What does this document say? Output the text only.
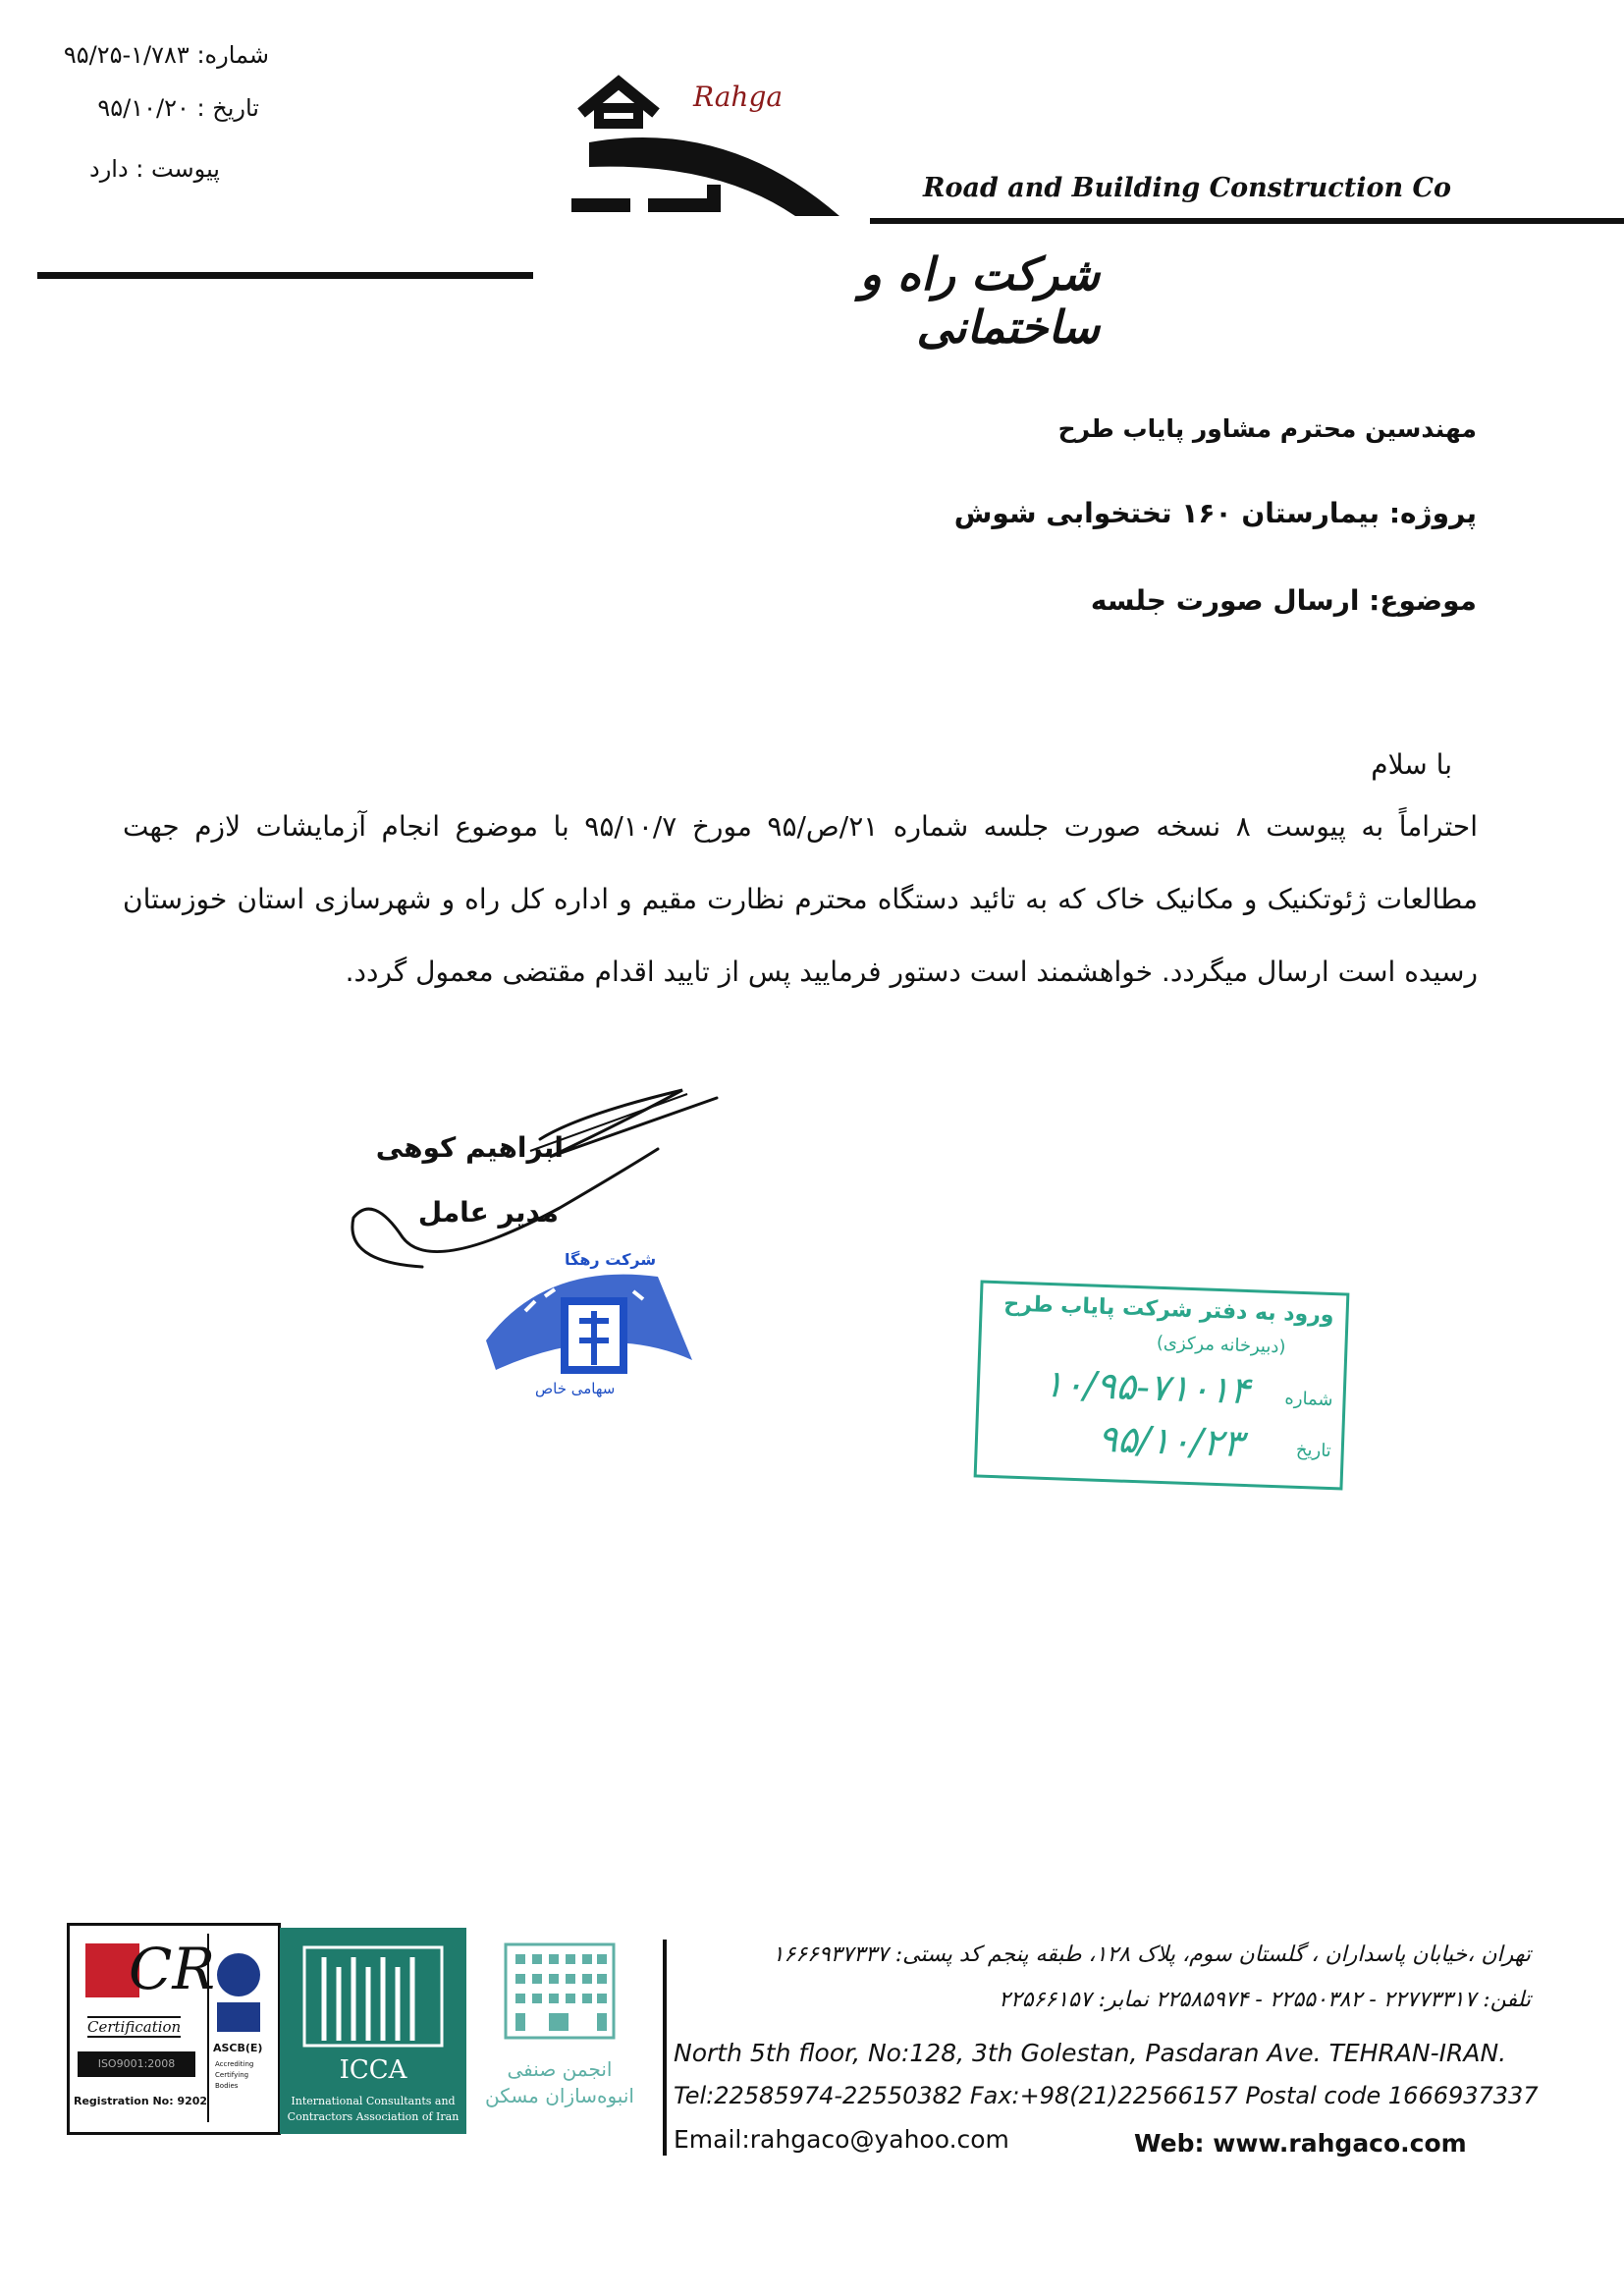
شماره: ۱/۷۸۳-۹۵/۲۵
تاریخ : ۹۵/۱۰/۲۰
پیوست : دارد
Rahga
Road and Building Construction Co
شرکت راه و ساختمانی
مهندسین محترم مشاور پایاب طرح
پروژه: بیمارستان ۱۶۰ تختخوابی شوش
موضوع: ارسال صورت جلسه
با سلام
احتراماً به پیوست ۸ نسخه صورت جلسه شماره ۲۱/ص/۹۵ مورخ ۹۵/۱۰/۷ با موضوع انجام آزمایشات لازم جهت مطالعات ژئوتکنیک و مکانیک خاک که به تائید دستگاه محترم نظارت مقیم و اداره کل راه و شهرسازی استان خوزستان رسیده است ارسال میگردد. خواهشمند است دستور فرمایید پس از تایید اقدام مقتضی معمول گردد.
ابراهیم کوهی
مدیر عامل
شرکت رهگا
سهامی خاص
ورود به دفتر شرکت پایاب طرح
(دبیرخانه مرکزی)
شماره
تاریخ
۱۰/۹۵-۷۱۰۱۴
۹۵/۱۰/۲۳
CR
Certification
ISO9001:2008
Registration No: 9202
ASCB(E)
Accrediting Certifying Bodies
ICCA
International Consultants and
Contractors Association of Iran
انجمن صنفی
انبوه‌سازان مسکن
تهران ،خیابان پاسداران ، گلستان سوم، پلاک ۱۲۸، طبقه پنجم کد پستی: ۱۶۶۶۹۳۷۳۳۷
تلفن: ۲۲۷۷۳۳۱۷ - ۲۲۵۵۰۳۸۲ - ۲۲۵۸۵۹۷۴ نمابر: ۲۲۵۶۶۱۵۷
North 5th floor, No:128, 3th Golestan, Pasdaran Ave. TEHRAN-IRAN.
Tel:22585974-22550382 Fax:+98(21)22566157 Postal code 1666937337
Email:rahgaco@yahoo.com	Web: www.rahgaco.com
